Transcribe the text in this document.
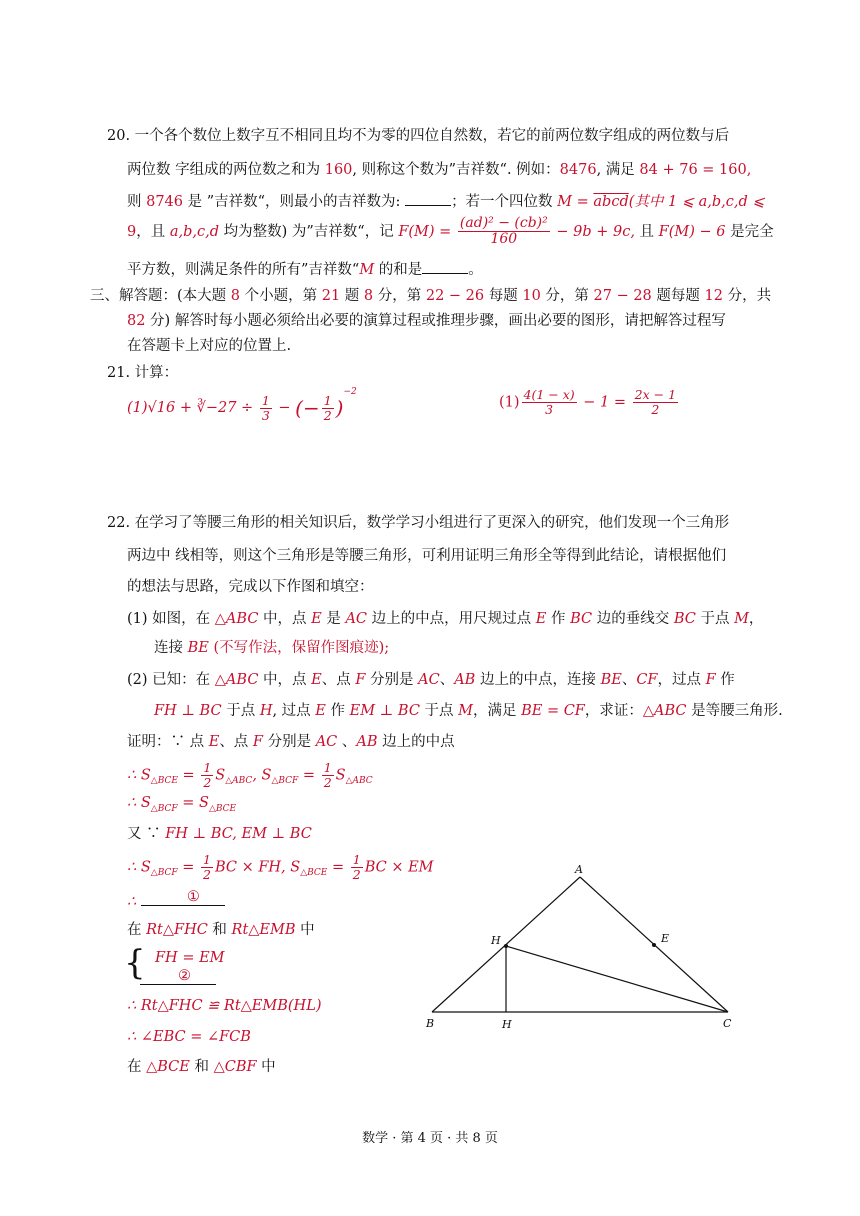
20. 一个各个数位上数字互不相同且均不为零的四位自然数，若它的前两位数字组成的两位数与后
两位数 字组成的两位数之和为 160, 则称这个数为”吉祥数“. 例如：8476, 满足 84 + 76 = 160,
则 8746 是 ”吉祥数“，则最小的吉祥数为:	；若一个四位数 M = abcd(其中 1 ⩽ a,b,c,d ⩽
9，且 a,b,c,d 均为整数) 为”吉祥数“，记 $F(M) = \frac{\text{(ad)² − (cb)²}}{160} - 9b + 9c$, 且 F(M) − 6 是完全
平方数，则满足条件的所有”吉祥数“M 的和是	。
三、解答题：(本大题 8 个小题，第 21 题 8 分，第 22 − 26 每题 10 分，第 27 − 28 题每题 12 分，共
82 分) 解答时每小题必须给出必要的演算过程或推理步骤，画出必要的图形，请把解答过程写
在答题卡上对应的位置上.
21. 计算：
(1)√16 + ∛−27 ÷ $\frac{1}{3}$ − (− $\frac{1}{2} )^{-2}$
$(1) \frac{4(1 - x)}{3} - 1 = \frac{2x - 1}{2}$
22. 在学习了等腰三角形的相关知识后，数学学习小组进行了更深入的研究，他们发现一个三角形
两边中 线相等，则这个三角形是等腰三角形，可利用证明三角形全等得到此结论，请根据他们
的想法与思路，完成以下作图和填空：
(1) 如图，在 △ABC 中，点 E 是 AC 边上的中点，用尺规过点 E 作 BC 边的垂线交 BC 于点 M，
连接 BE (不写作法，保留作图痕迹);
(2) 已知：在 △ABC 中，点 E、点 F 分别是 AC、AB 边上的中点，连接 BE、CF，过点 F 作
FH ⊥ BC 于点 H, 过点 E 作 EM ⊥ BC 于点 M，满足 BE = CF，求证：△ABC 是等腰三角形.
证明：∵ 点 E、点 F 分别是 AC 、AB 边上的中点
∴ $S_{\triangle BCE} = \frac{1}{2} S_{\triangle ABC}$, $S_{\triangle BCF} = \frac{1}{2} S_{\triangle ABC}$
∴ $S_{\triangle BCF} = S_{\triangle BCE}$
又 ∵ FH ⊥ BC, EM ⊥ BC
∴ $S_{\triangle BCF} = \frac{1}{2}$ BC × FH, $S_{\triangle BCE} = \frac{1}{2}$ BC × EM
∴	①
在 Rt△FHC 和 Rt△EMB 中
{ FH = EM
②
∴ Rt△FHC ≌ Rt△EMB(HL)
∴ ∠EBC = ∠FCB
在 △BCE 和 △CBF 中
A
B	C
E
H
H
数学 · 第 4 页 · 共 8 页
